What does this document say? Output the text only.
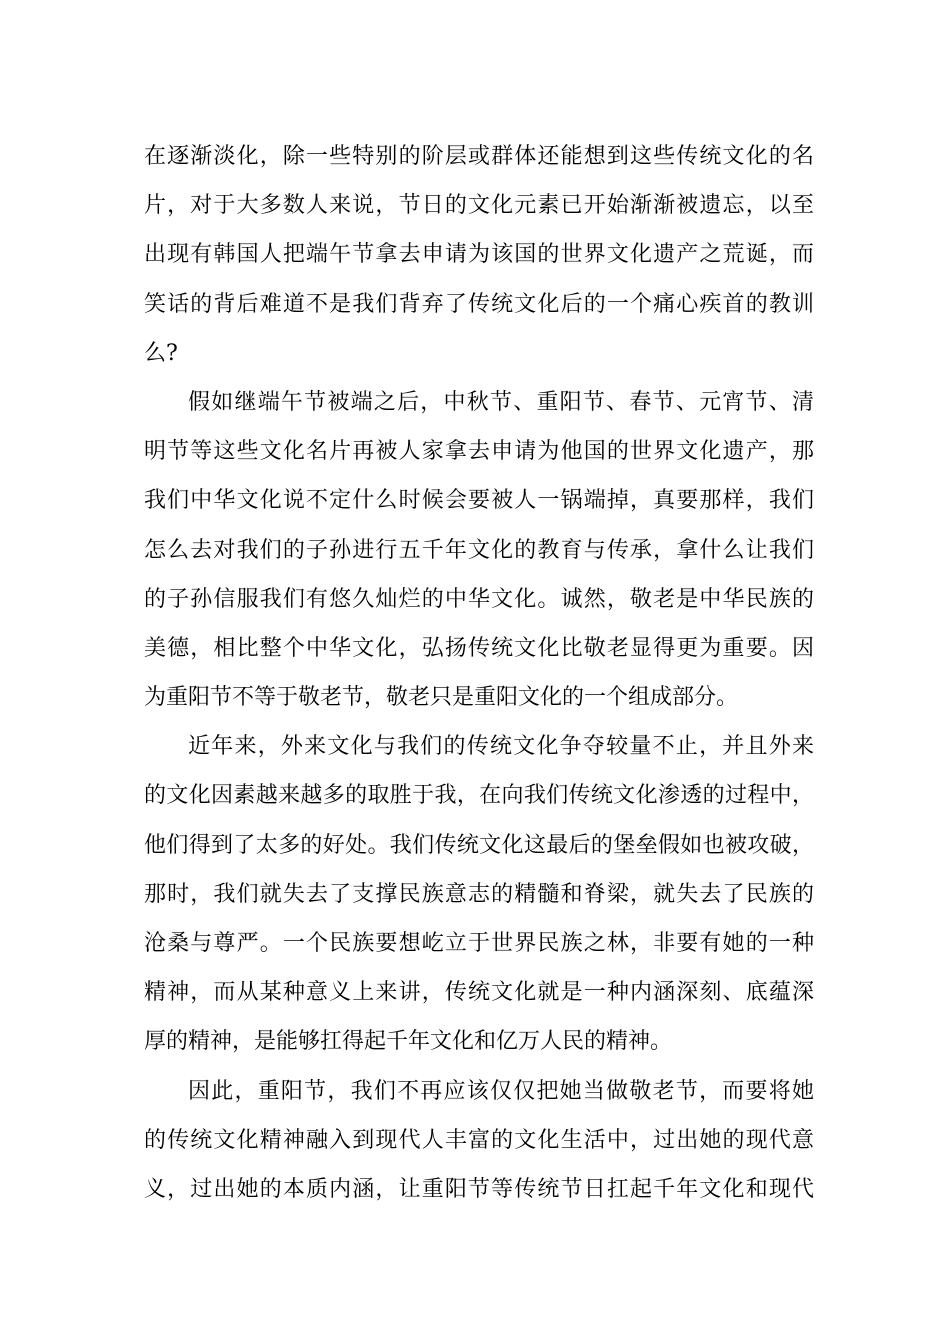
在逐渐淡化，除一些特别的阶层或群体还能想到这些传统文化的名
片，对于大多数人来说，节日的文化元素已开始渐渐被遗忘，以至
出现有韩国人把端午节拿去申请为该国的世界文化遗产之荒诞，而
笑话的背后难道不是我们背弃了传统文化后的一个痛心疾首的教训
么?
假如继端午节被端之后，中秋节、重阳节、春节、元宵节、清
明节等这些文化名片再被人家拿去申请为他国的世界文化遗产，那
我们中华文化说不定什么时候会要被人一锅端掉，真要那样，我们
怎么去对我们的子孙进行五千年文化的教育与传承，拿什么让我们
的子孙信服我们有悠久灿烂的中华文化。诚然，敬老是中华民族的
美德，相比整个中华文化，弘扬传统文化比敬老显得更为重要。因
为重阳节不等于敬老节，敬老只是重阳文化的一个组成部分。
近年来，外来文化与我们的传统文化争夺较量不止，并且外来
的文化因素越来越多的取胜于我，在向我们传统文化渗透的过程中，
他们得到了太多的好处。我们传统文化这最后的堡垒假如也被攻破，
那时，我们就失去了支撑民族意志的精髓和脊梁，就失去了民族的
沧桑与尊严。一个民族要想屹立于世界民族之林，非要有她的一种
精神，而从某种意义上来讲，传统文化就是一种内涵深刻、底蕴深
厚的精神，是能够扛得起千年文化和亿万人民的精神。
因此，重阳节，我们不再应该仅仅把她当做敬老节，而要将她
的传统文化精神融入到现代人丰富的文化生活中，过出她的现代意
义，过出她的本质内涵，让重阳节等传统节日扛起千年文化和现代
